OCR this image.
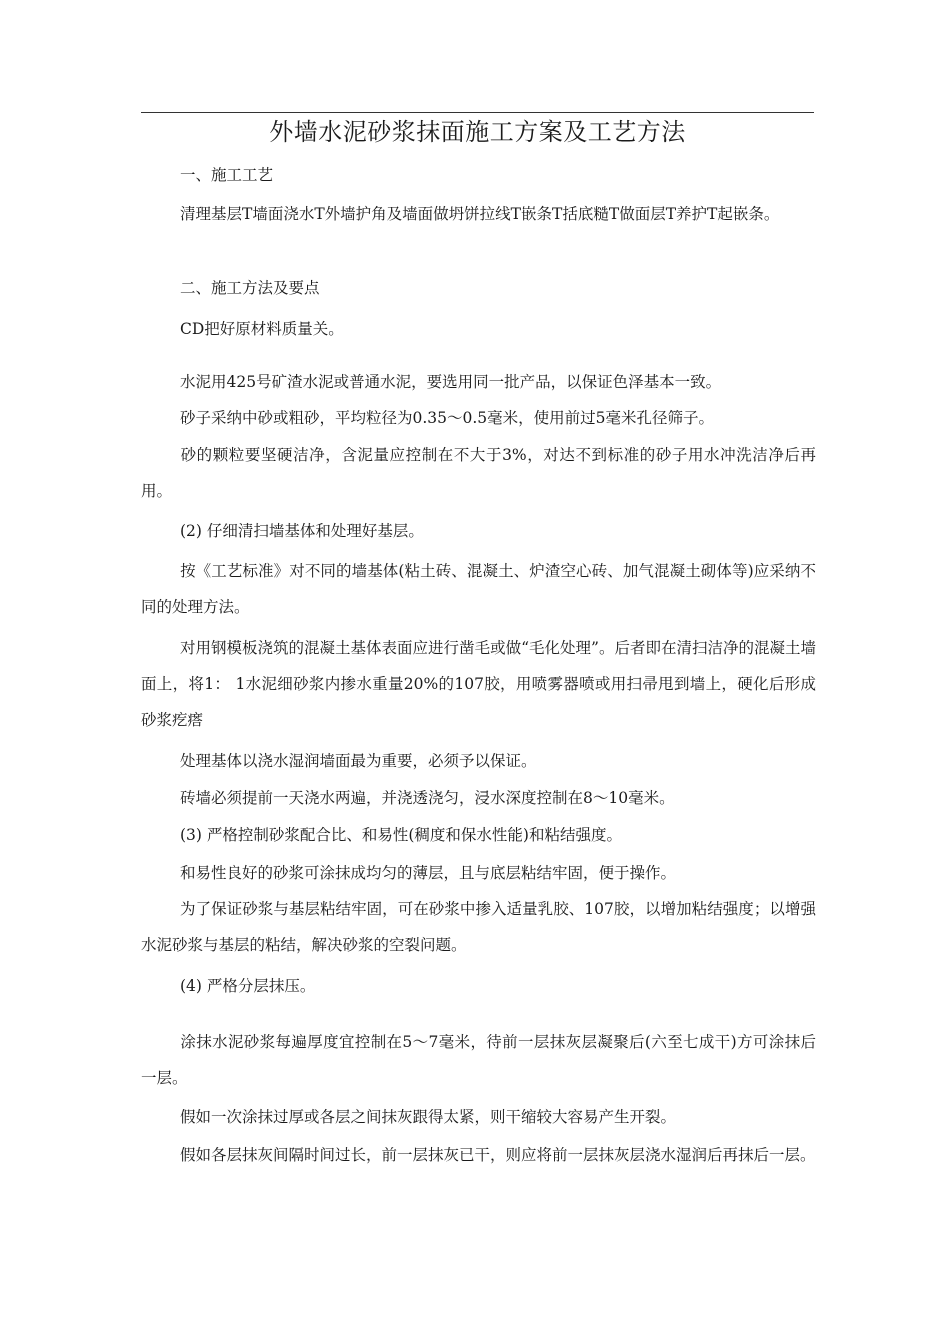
外墙水泥砂浆抹面施工方案及工艺方法

一、施工工艺

清理基层T墙面浇水T外墙护角及墙面做坍饼拉线T嵌条T括底糙T做面层T养护T起嵌条。

二、施工方法及要点

CD把好原材料质量关。

水泥用425号矿渣水泥或普通水泥，要选用同一批产品，以保证色泽基本一致。

砂子采纳中砂或粗砂，平均粒径为0.35〜0.5毫米，使用前过5毫米孔径筛子。

砂的颗粒要坚硬洁净，含泥量应控制在不大于3%，对达不到标准的砂子用水冲洗洁净后再用。

(2) 仔细清扫墙基体和处理好基层。

按《工艺标准》对不同的墙基体(粘土砖、混凝土、炉渣空心砖、加气混凝土砌体等)应采纳不同的处理方法。

对用钢模板浇筑的混凝土基体表面应进行凿毛或做“毛化处理”。后者即在清扫洁净的混凝土墙面上，将1： 1水泥细砂浆内掺水重量20%的107胶，用喷雾器喷或用扫帚甩到墙上，硬化后形成砂浆疙瘩

处理基体以浇水湿润墙面最为重要，必须予以保证。

砖墙必须提前一天浇水两遍，并浇透浇匀，浸水深度控制在8〜10毫米。

(3) 严格控制砂浆配合比、和易性(稠度和保水性能)和粘结强度。

和易性良好的砂浆可涂抹成均匀的薄层，且与底层粘结牢固，便于操作。

为了保证砂浆与基层粘结牢固，可在砂浆中掺入适量乳胶、107胶，以增加粘结强度；以增强水泥砂浆与基层的粘结，解决砂浆的空裂问题。

(4) 严格分层抹压。

涂抹水泥砂浆每遍厚度宜控制在5〜7毫米，待前一层抹灰层凝聚后(六至七成干)方可涂抹后一层。

假如一次涂抹过厚或各层之间抹灰跟得太紧，则干缩较大容易产生开裂。

假如各层抹灰间隔时间过长，前一层抹灰已干，则应将前一层抹灰层浇水湿润后再抹后一层。
